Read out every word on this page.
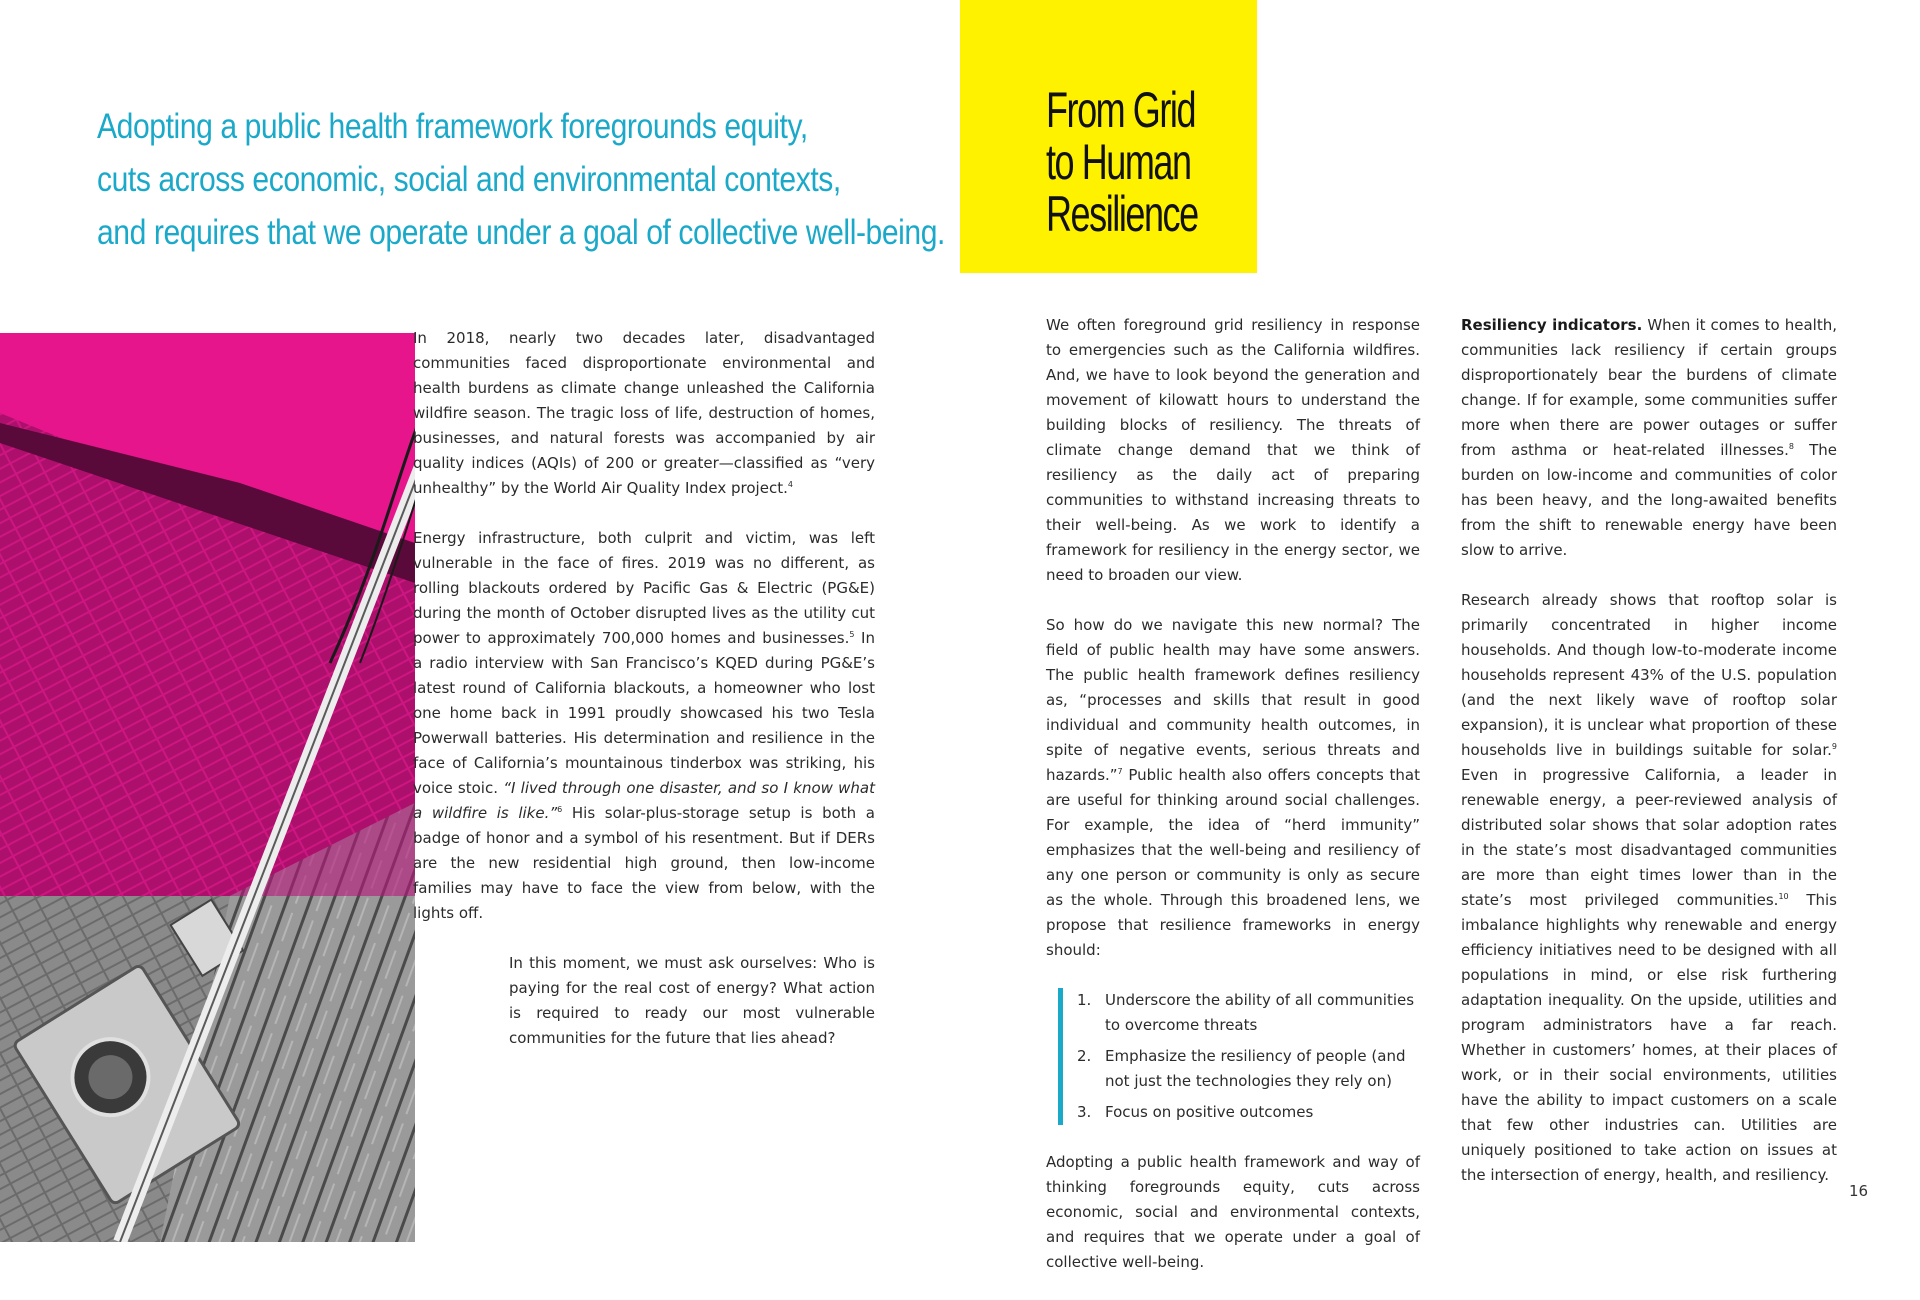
Adopting a public health framework foregrounds equity,
cuts across economic, social and environmental contexts,
and requires that we operate under a goal of collective well-being.
From Grid
to Human
Resilience

In 2018, nearly two decades later, disadvantaged communities faced disproportionate environmental and health burdens as climate change unleashed the California wildfire season. The tragic loss of life, destruction of homes, businesses, and natural forests was accompanied by air quality indices (AQIs) of 200 or greater—classified as “very unhealthy” by the World Air Quality Index project.$^4$

Energy infrastructure, both culprit and victim, was left vulnerable in the face of fires. 2019 was no different, as rolling blackouts ordered by Pacific Gas & Electric (PG&E) during the month of October disrupted lives as the utility cut power to approximately 700,000 homes and businesses.$^5$ In a radio interview with San Francisco’s KQED during PG&E’s latest round of California blackouts, a homeowner who lost one home back in 1991 proudly showcased his two Tesla Powerwall batteries. His determination and resilience in the face of California’s mountainous tinderbox was striking, his voice stoic. “I lived through one disaster, and so I know what a wildfire is like.”$^6$ His solar-plus-storage setup is both a badge of honor and a symbol of his resentment. But if DERs are the new residential high ground, then low-income families may have to face the view from below, with the lights off.

In this moment, we must ask ourselves: Who is paying for the real cost of energy? What action is required to ready our most vulnerable communities for the future that lies ahead?

We often foreground grid resiliency in response to emergencies such as the California wildfires. And, we have to look beyond the generation and movement of kilowatt hours to understand the building blocks of resiliency. The threats of climate change demand that we think of resiliency as the daily act of preparing communities to withstand increasing threats to their well-being. As we work to identify a framework for resiliency in the energy sector, we need to broaden our view.

So how do we navigate this new normal? The field of public health may have some answers. The public health framework defines resiliency as, “processes and skills that result in good individual and community health outcomes, in spite of negative events, serious threats and hazards.”$^7$ Public health also offers concepts that are useful for thinking around social challenges. For example, the idea of “herd immunity” emphasizes that the well-being and resiliency of any one person or community is only as secure as the whole. Through this broadened lens, we propose that resilience frameworks in energy should:

1. Underscore the ability of all communities to overcome threats
2. Emphasize the resiliency of people (and not just the technologies they rely on)
3. Focus on positive outcomes

Adopting a public health framework and way of thinking foregrounds equity, cuts across economic, social and environmental contexts, and requires that we operate under a goal of collective well-being.

Resiliency indicators. When it comes to health, communities lack resiliency if certain groups disproportionately bear the burdens of climate change. If for example, some communities suffer more when there are power outages or suffer from asthma or heat-related illnesses.$^8$ The burden on low-income and communities of color has been heavy, and the long-awaited benefits from the shift to renewable energy have been slow to arrive.

Research already shows that rooftop solar is primarily concentrated in higher income households. And though low-to-moderate income households represent 43% of the U.S. population (and the next likely wave of rooftop solar expansion), it is unclear what proportion of these households live in buildings suitable for solar.$^9$ Even in progressive California, a leader in renewable energy, a peer-reviewed analysis of distributed solar shows that solar adoption rates in the state’s most disadvantaged communities are more than eight times lower than in the state’s most privileged communities.$^{10}$ This imbalance highlights why renewable and energy efficiency initiatives need to be designed with all populations in mind, or else risk furthering adaptation inequality. On the upside, utilities and program administrators have a far reach. Whether in customers’ homes, at their places of work, or in their social environments, utilities have the ability to impact customers on a scale that few other industries can. Utilities are uniquely positioned to take action on issues at the intersection of energy, health, and resiliency.

16
